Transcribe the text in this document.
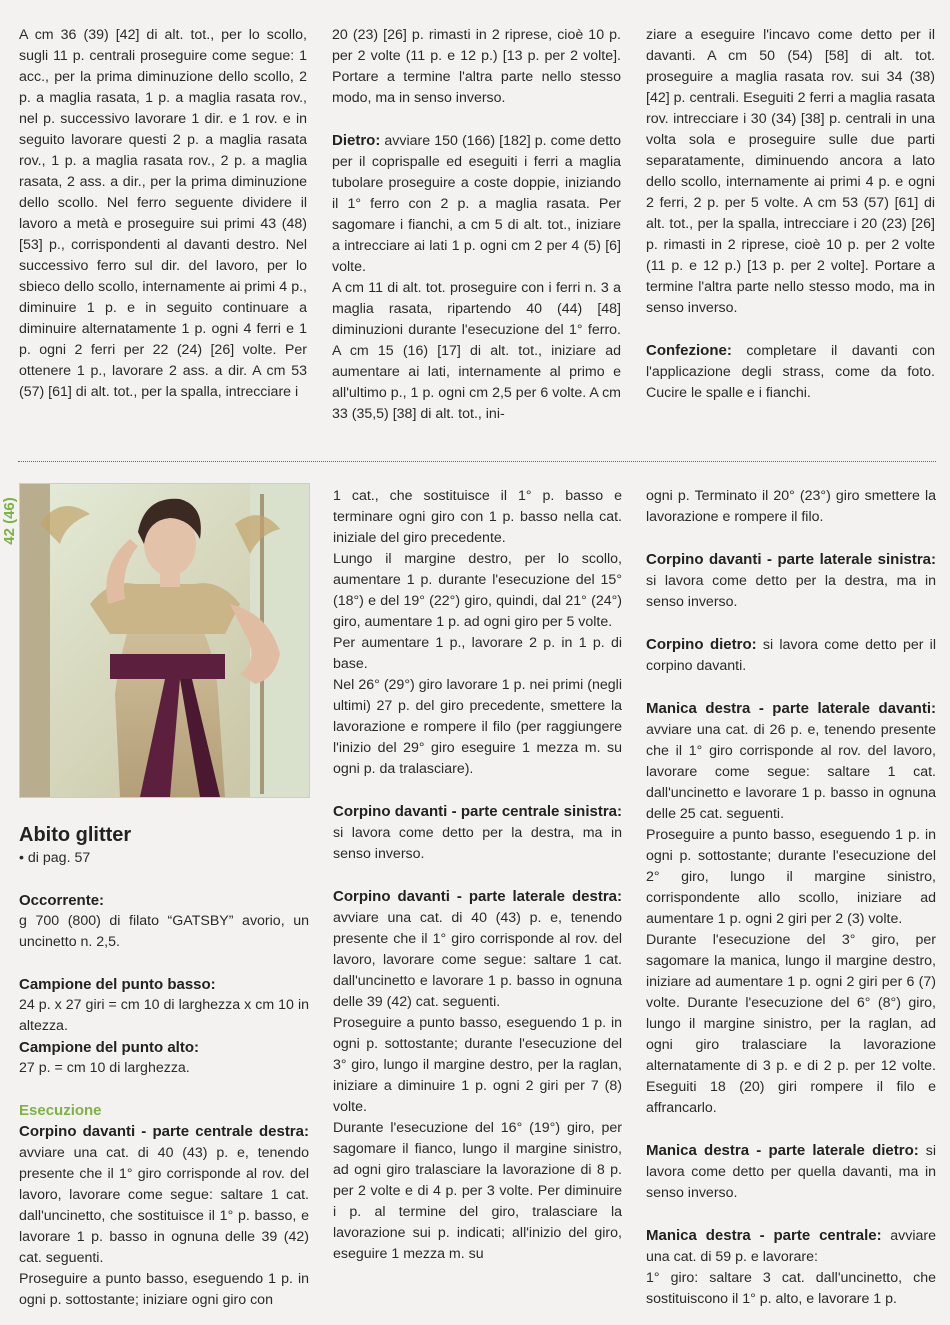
A cm 36 (39) [42] di alt. tot., per lo scollo, sugli 11 p. centrali proseguire come segue: 1 acc., per la prima diminuzione dello scollo, 2 p. a maglia rasata, 1 p. a maglia rasata rov., nel p. successivo lavorare 1 dir. e 1 rov. e in seguito lavorare questi 2 p. a maglia rasata rov., 1 p. a maglia rasata rov., 2 p. a maglia rasata, 2 ass. a dir., per la prima diminuzione dello scollo. Nel ferro seguente dividere il lavoro a metà e proseguire sui primi 43 (48) [53] p., corrispondenti al davanti destro. Nel successivo ferro sul dir. del lavoro, per lo sbieco dello scollo, internamente ai primi 4 p., diminuire 1 p. e in seguito continuare a diminuire alternatamente 1 p. ogni 4 ferri e 1 p. ogni 2 ferri per 22 (24) [26] volte. Per ottenere 1 p., lavorare 2 ass. a dir. A cm 53 (57) [61] di alt. tot., per la spalla, intrecciare i

20 (23) [26] p. rimasti in 2 riprese, cioè 10 p. per 2 volte (11 p. e 12 p.) [13 p. per 2 volte]. Portare a termine l'altra parte nello stesso modo, ma in senso inverso.

Dietro: avviare 150 (166) [182] p. come detto per il coprispalle ed eseguiti i ferri a maglia tubolare proseguire a coste doppie, iniziando il 1° ferro con 2 p. a maglia rasata. Per sagomare i fianchi, a cm 5 di alt. tot., iniziare a intrecciare ai lati 1 p. ogni cm 2 per 4 (5) [6] volte.

A cm 11 di alt. tot. proseguire con i ferri n. 3 a maglia rasata, ripartendo 40 (44) [48] diminuzioni durante l'esecuzione del 1° ferro. A cm 15 (16) [17] di alt. tot., iniziare ad aumentare ai lati, internamente al primo e all'ultimo p., 1 p. ogni cm 2,5 per 6 volte. A cm 33 (35,5) [38] di alt. tot., ini-

ziare a eseguire l'incavo come detto per il davanti. A cm 50 (54) [58] di alt. tot. proseguire a maglia rasata rov. sui 34 (38) [42] p. centrali. Eseguiti 2 ferri a maglia rasata rov. intrecciare i 30 (34) [38] p. centrali in una volta sola e proseguire sulle due parti separatamente, diminuendo ancora a lato dello scollo, internamente ai primi 4 p. e ogni 2 ferri, 2 p. per 5 volte. A cm 53 (57) [61] di alt. tot., per la spalla, intrecciare i 20 (23) [26] p. rimasti in 2 riprese, cioè 10 p. per 2 volte (11 p. e 12 p.) [13 p. per 2 volte]. Portare a termine l'altra parte nello stesso modo, ma in senso inverso.

Confezione: completare il davanti con l'applicazione degli strass, come da foto. Cucire le spalle e i fianchi.

42 (46)
Abito glitter

• di pag. 57

Occorrente:

g 700 (800) di filato “GATSBY” avorio, un uncinetto n. 2,5.

Campione del punto basso:

24 p. x 27 giri = cm 10 di larghezza x cm 10 in altezza.

Campione del punto alto:

27 p. = cm 10 di larghezza.

Esecuzione

Corpino davanti - parte centrale destra: avviare una cat. di 40 (43) p. e, tenendo presente che il 1° giro corrisponde al rov. del lavoro, lavorare come segue: saltare 1 cat. dall'uncinetto, che sostituisce il 1° p. basso, e lavorare 1 p. basso in ognuna delle 39 (42) cat. seguenti.

Proseguire a punto basso, eseguendo 1 p. in ogni p. sottostante; iniziare ogni giro con

1 cat., che sostituisce il 1° p. basso e terminare ogni giro con 1 p. basso nella cat. iniziale del giro precedente.

Lungo il margine destro, per lo scollo, aumentare 1 p. durante l'esecuzione del 15° (18°) e del 19° (22°) giro, quindi, dal 21° (24°) giro, aumentare 1 p. ad ogni giro per 5 volte.

Per aumentare 1 p., lavorare 2 p. in 1 p. di base.

Nel 26° (29°) giro lavorare 1 p. nei primi (negli ultimi) 27 p. del giro precedente, smettere la lavorazione e rompere il filo (per raggiungere l'inizio del 29° giro eseguire 1 mezza m. su ogni p. da tralasciare).

Corpino davanti - parte centrale sinistra: si lavora come detto per la destra, ma in senso inverso.

Corpino davanti - parte laterale destra: avviare una cat. di 40 (43) p. e, tenendo presente che il 1° giro corrisponde al rov. del lavoro, lavorare come segue: saltare 1 cat. dall'uncinetto e lavorare 1 p. basso in ognuna delle 39 (42) cat. seguenti.

Proseguire a punto basso, eseguendo 1 p. in ogni p. sottostante; durante l'esecuzione del 3° giro, lungo il margine destro, per la raglan, iniziare a diminuire 1 p. ogni 2 giri per 7 (8) volte.

Durante l'esecuzione del 16° (19°) giro, per sagomare il fianco, lungo il margine sinistro, ad ogni giro tralasciare la lavorazione di 8 p. per 2 volte e di 4 p. per 3 volte. Per diminuire i p. al termine del giro, tralasciare la lavorazione sui p. indicati; all'inizio del giro, eseguire 1 mezza m. su

ogni p. Terminato il 20° (23°) giro smettere la lavorazione e rompere il filo.

Corpino davanti - parte laterale sinistra: si lavora come detto per la destra, ma in senso inverso.

Corpino dietro: si lavora come detto per il corpino davanti.

Manica destra - parte laterale davanti: avviare una cat. di 26 p. e, tenendo presente che il 1° giro corrisponde al rov. del lavoro, lavorare come segue: saltare 1 cat. dall'uncinetto e lavorare 1 p. basso in ognuna delle 25 cat. seguenti.

Proseguire a punto basso, eseguendo 1 p. in ogni p. sottostante; durante l'esecuzione del 2° giro, lungo il margine sinistro, corrispondente allo scollo, iniziare ad aumentare 1 p. ogni 2 giri per 2 (3) volte.

Durante l'esecuzione del 3° giro, per sagomare la manica, lungo il margine destro, iniziare ad aumentare 1 p. ogni 2 giri per 6 (7) volte. Durante l'esecuzione del 6° (8°) giro, lungo il margine sinistro, per la raglan, ad ogni giro tralasciare la lavorazione alternatamente di 3 p. e di 2 p. per 12 volte. Eseguiti 18 (20) giri rompere il filo e affrancarlo.

Manica destra - parte laterale dietro: si lavora come detto per quella davanti, ma in senso inverso.

Manica destra - parte centrale: avviare una cat. di 59 p. e lavorare:

1° giro: saltare 3 cat. dall'uncinetto, che sostituiscono il 1° p. alto, e lavorare 1 p.
